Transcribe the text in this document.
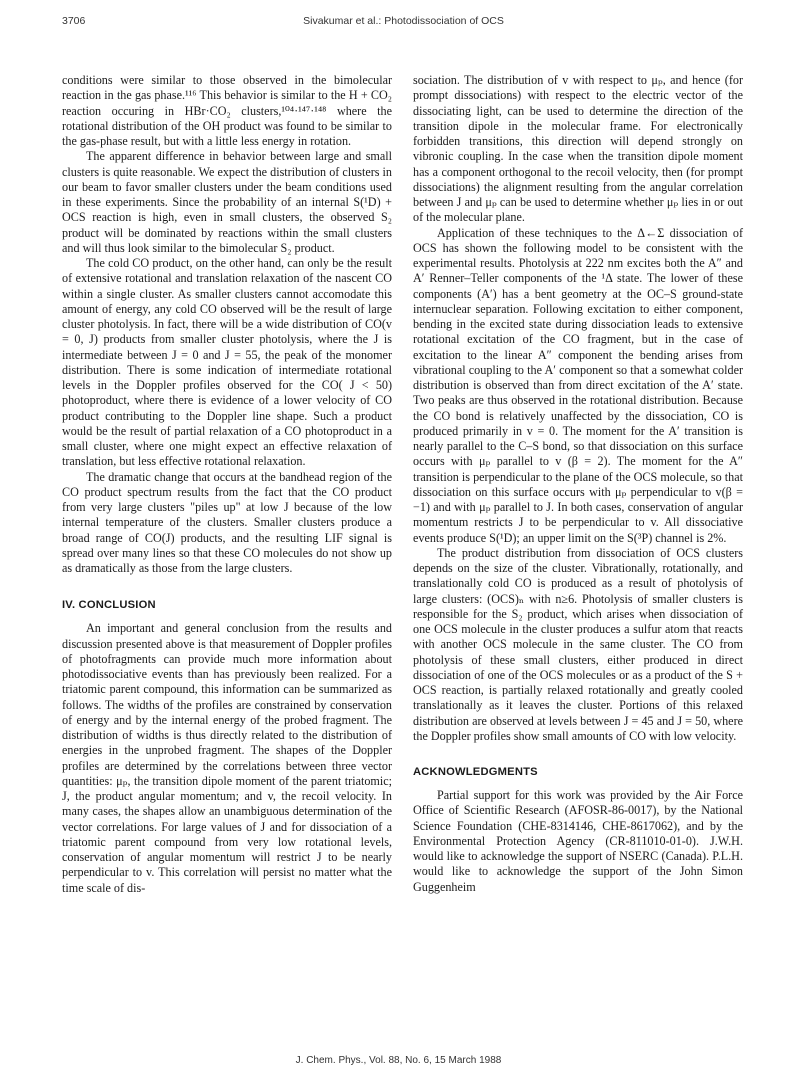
3706	Sivakumar et al.: Photodissociation of OCS

conditions were similar to those observed in the bimolecular reaction in the gas phase.¹¹⁶ This behavior is similar to the H + CO₂ reaction occuring in HBr·CO₂ clusters,¹⁰⁴·¹⁴⁷·¹⁴⁸ where the rotational distribution of the OH product was found to be similar to the gas-phase result, but with a little less energy in rotation.

The apparent difference in behavior between large and small clusters is quite reasonable. We expect the distribution of clusters in our beam to favor smaller clusters under the beam conditions used in these experiments. Since the probability of an internal S(¹D) + OCS reaction is high, even in small clusters, the observed S₂ product will be dominated by reactions within the small clusters and will thus look similar to the bimolecular S₂ product.

The cold CO product, on the other hand, can only be the result of extensive rotational and translation relaxation of the nascent CO within a single cluster. As smaller clusters cannot accomodate this amount of energy, any cold CO observed will be the result of large cluster photolysis. In fact, there will be a wide distribution of CO(v = 0, J) products from smaller cluster photolysis, where the J is intermediate between J = 0 and J = 55, the peak of the monomer distribution. There is some indication of intermediate rotational levels in the Doppler profiles observed for the CO( J < 50) photoproduct, where there is evidence of a lower velocity of CO product contributing to the Doppler line shape. Such a product would be the result of partial relaxation of a CO photoproduct in a small cluster, where one might expect an effective relaxation of translation, but less effective rotational relaxation.

The dramatic change that occurs at the bandhead region of the CO product spectrum results from the fact that the CO product from very large clusters "piles up" at low J because of the low internal temperature of the clusters. Smaller clusters produce a broad range of CO(J) products, and the resulting LIF signal is spread over many lines so that these CO molecules do not show up as dramatically as those from the large clusters.

IV. CONCLUSION

An important and general conclusion from the results and discussion presented above is that measurement of Doppler profiles of photofragments can provide much more information about photodissociative events than has previously been realized. For a triatomic parent compound, this information can be summarized as follows. The widths of the profiles are constrained by conservation of energy and by the internal energy of the probed fragment. The distribution of widths is thus directly related to the distribution of energies in the unprobed fragment. The shapes of the Doppler profiles are determined by the correlations between three vector quantities: μₚ, the transition dipole moment of the parent triatomic; J, the product angular momentum; and v, the recoil velocity. In many cases, the shapes allow an unambiguous determination of the vector correlations. For large values of J and for dissociation of a triatomic parent compound from very low rotational levels, conservation of angular momentum will restrict J to be nearly perpendicular to v. This correlation will persist no matter what the time scale of dis-

sociation. The distribution of v with respect to μₚ, and hence (for prompt dissociations) with respect to the electric vector of the dissociating light, can be used to determine the direction of the transition dipole in the molecular frame. For electronically forbidden transitions, this direction will depend strongly on vibronic coupling. In the case when the transition dipole moment has a component orthogonal to the recoil velocity, then (for prompt dissociations) the alignment resulting from the angular correlation between J and μₚ can be used to determine whether μₚ lies in or out of the molecular plane.

Application of these techniques to the Δ←Σ dissociation of OCS has shown the following model to be consistent with the experimental results. Photolysis at 222 nm excites both the A″ and A′ Renner–Teller components of the ¹Δ state. The lower of these components (A′) has a bent geometry at the OC–S ground-state internuclear separation. Following excitation to either component, bending in the excited state during dissociation leads to extensive rotational excitation of the CO fragment, but in the case of excitation to the linear A″ component the bending arises from vibrational coupling to the A′ component so that a somewhat colder distribution is observed than from direct excitation of the A′ state. Two peaks are thus observed in the rotational distribution. Because the CO bond is relatively unaffected by the dissociation, CO is produced primarily in v = 0. The moment for the A′ transition is nearly parallel to the C–S bond, so that dissociation on this surface occurs with μₚ parallel to v (β = 2). The moment for the A″ transition is perpendicular to the plane of the OCS molecule, so that dissociation on this surface occurs with μₚ perpendicular to v(β = −1) and with μₚ parallel to J. In both cases, conservation of angular momentum restricts J to be perpendicular to v. All dissociative events produce S(¹D); an upper limit on the S(³P) channel is 2%.

The product distribution from dissociation of OCS clusters depends on the size of the cluster. Vibrationally, rotationally, and translationally cold CO is produced as a result of photolysis of large clusters: (OCS)ₙ with n≥6. Photolysis of smaller clusters is responsible for the S₂ product, which arises when dissociation of one OCS molecule in the cluster produces a sulfur atom that reacts with another OCS molecule in the same cluster. The CO from photolysis of these small clusters, either produced in direct dissociation of one of the OCS molecules or as a product of the S + OCS reaction, is partially relaxed rotationally and greatly cooled translationally as it leaves the cluster. Portions of this relaxed distribution are observed at levels between J = 45 and J = 50, where the Doppler profiles show small amounts of CO with low velocity.

ACKNOWLEDGMENTS

Partial support for this work was provided by the Air Force Office of Scientific Research (AFOSR-86-0017), by the National Science Foundation (CHE-8314146, CHE-8617062), and by the Environmental Protection Agency (CR-811010-01-0). J.W.H. would like to acknowledge the support of NSERC (Canada). P.L.H. would like to acknowledge the support of the John Simon Guggenheim

J. Chem. Phys., Vol. 88, No. 6, 15 March 1988
